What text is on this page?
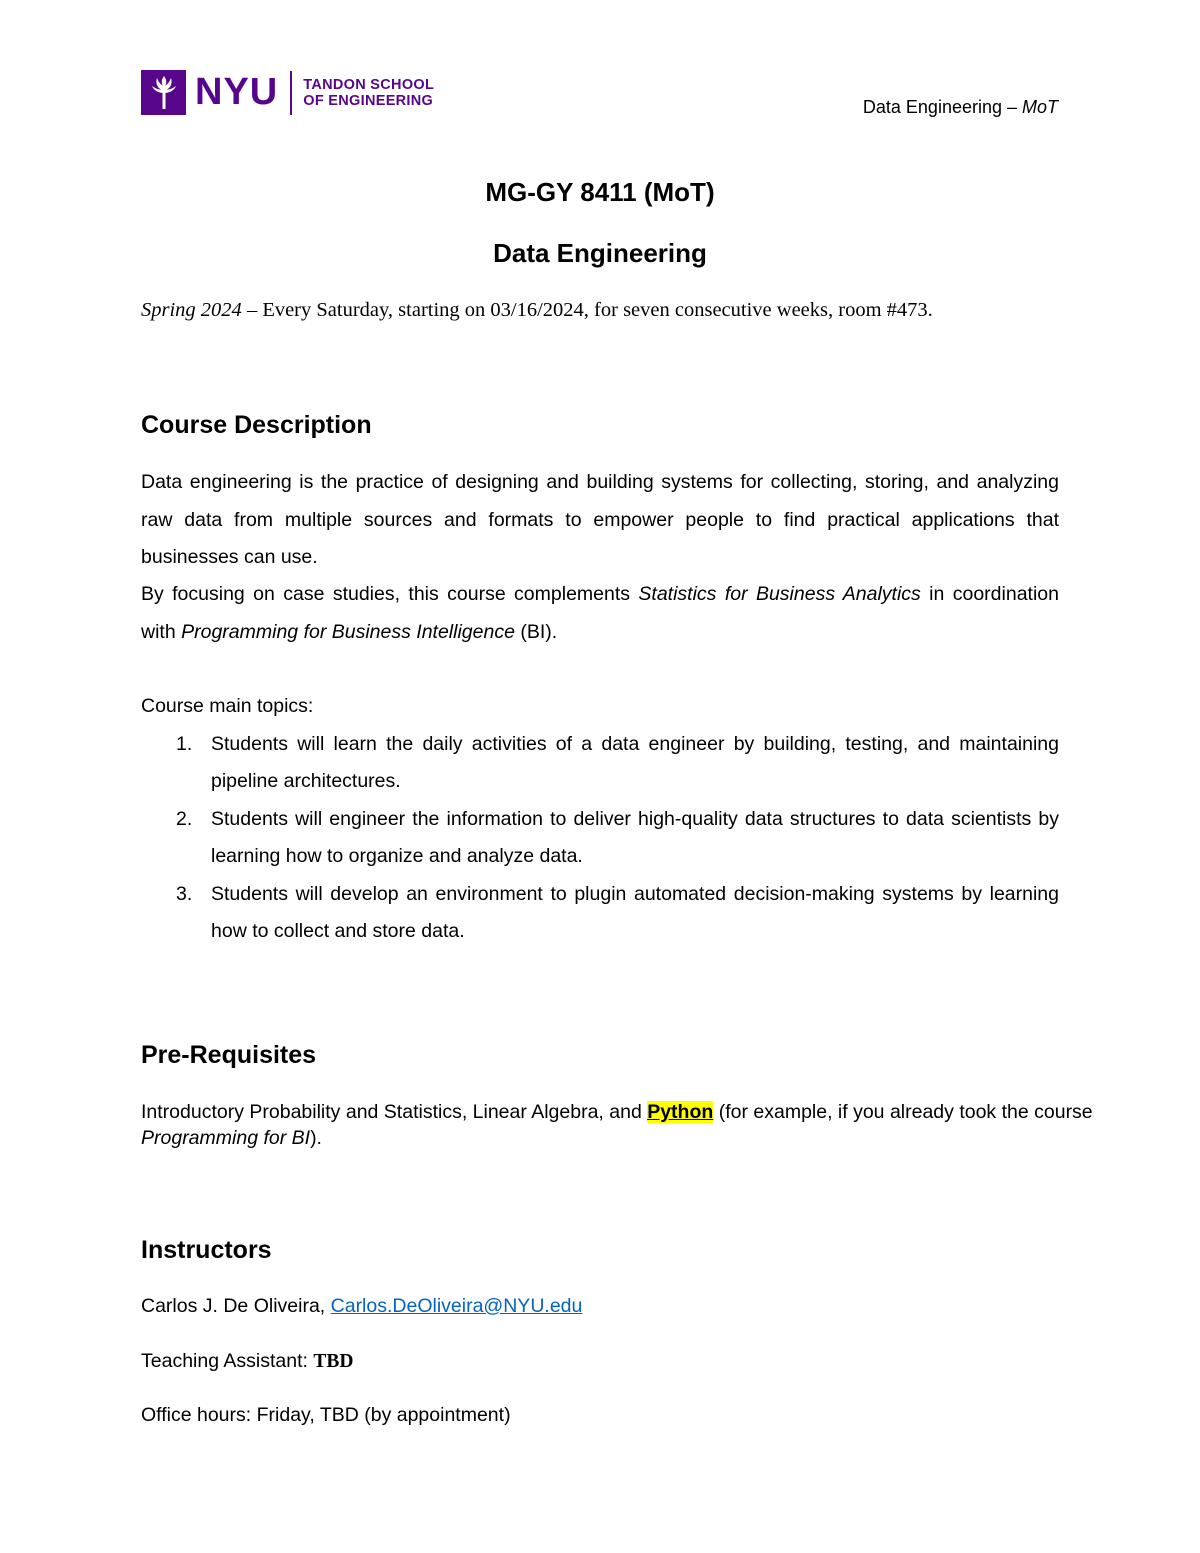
NYU TANDON SCHOOL
OF ENGINEERING	Data Engineering – MoT
MG-GY 8411 (MoT)
Data Engineering
Spring 2024 – Every Saturday, starting on 03/16/2024, for seven consecutive weeks, room #473.
Course Description
Data engineering is the practice of designing and building systems for collecting, storing, and analyzing raw data from multiple sources and formats to empower people to find practical applications that businesses can use.
By focusing on case studies, this course complements Statistics for Business Analytics in coordination with Programming for Business Intelligence (BI).
Course main topics:
1. Students will learn the daily activities of a data engineer by building, testing, and maintaining pipeline architectures.
2. Students will engineer the information to deliver high-quality data structures to data scientists by learning how to organize and analyze data.
3. Students will develop an environment to plugin automated decision-making systems by learning how to collect and store data.
Pre-Requisites
Introductory Probability and Statistics, Linear Algebra, and Python (for example, if you already took the course Programming for BI).
Instructors
Carlos J. De Oliveira, Carlos.DeOliveira@NYU.edu
Teaching Assistant: TBD
Office hours: Friday, TBD (by appointment)
